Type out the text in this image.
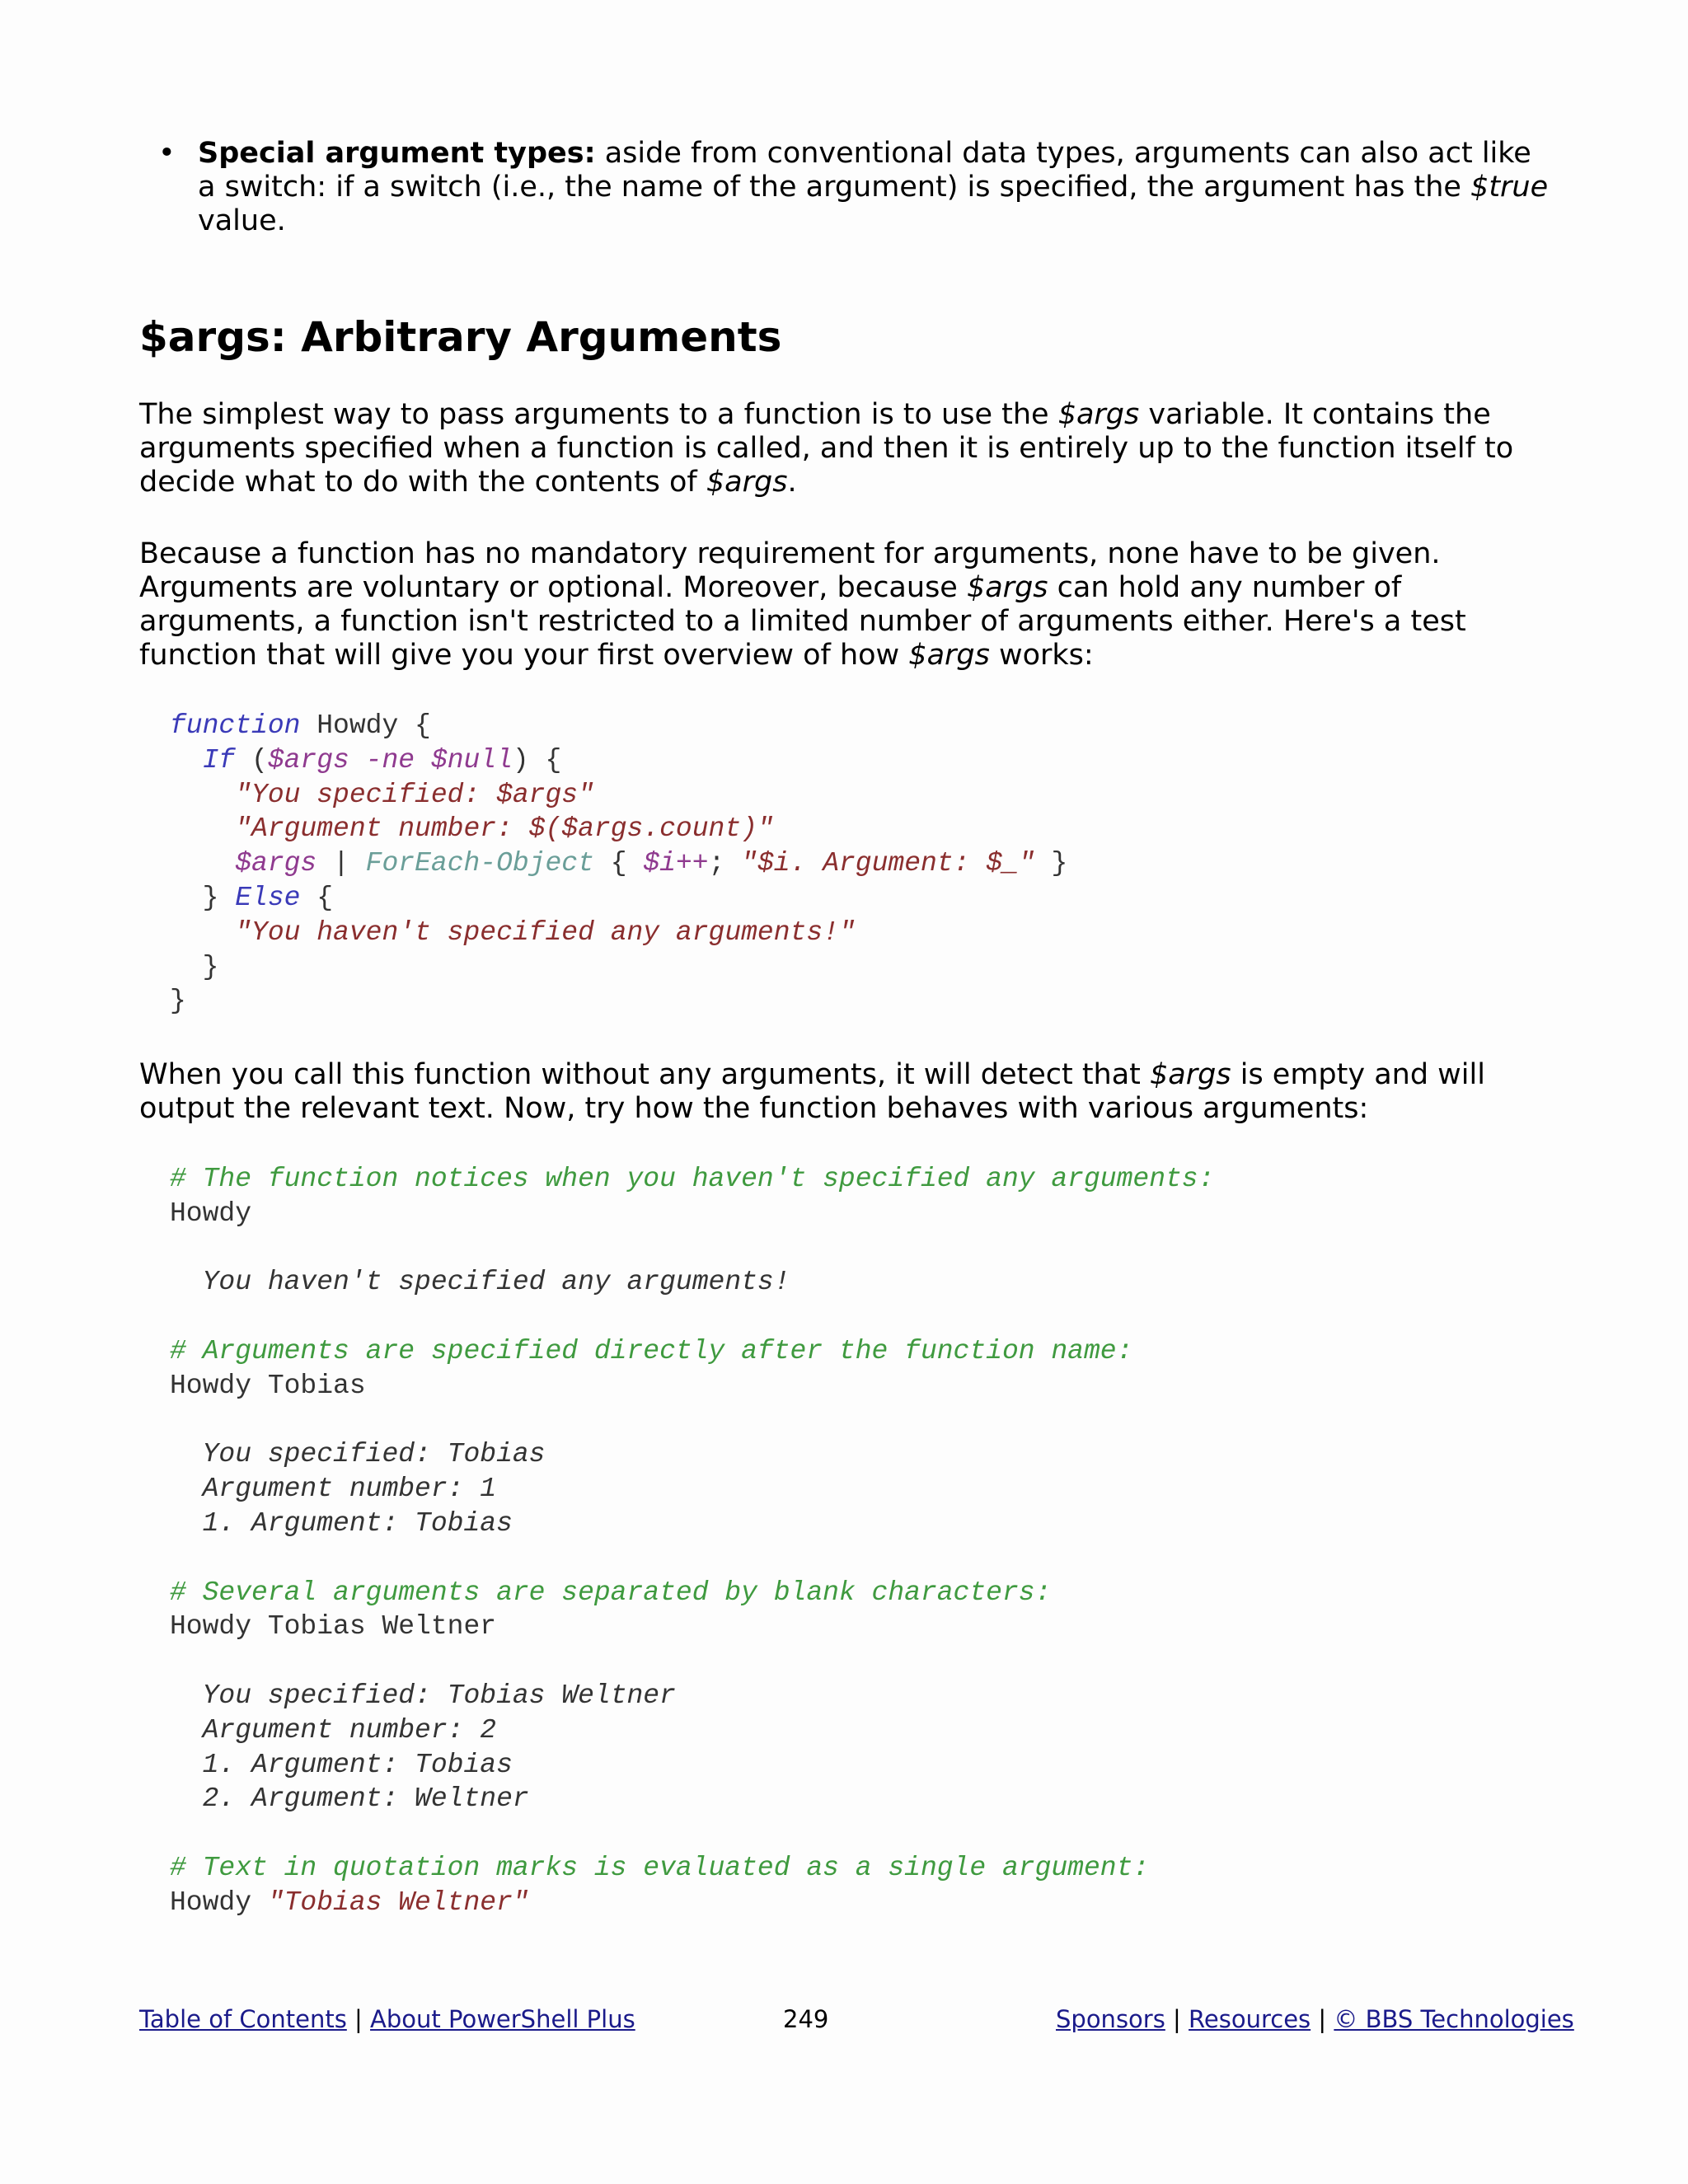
• Special argument types: aside from conventional data types, arguments can also act like a switch: if a switch (i.e., the name of the argument) is specified, the argument has the $true value.
$args: Arbitrary Arguments

The simplest way to pass arguments to a function is to use the $args variable. It contains the arguments specified when a function is called, and then it is entirely up to the function itself to decide what to do with the contents of $args.

Because a function has no mandatory requirement for arguments, none have to be given. Arguments are voluntary or optional. Moreover, because $args can hold any number of arguments, a function isn't restricted to a limited number of arguments either. Here's a test function that will give you your first overview of how $args works:

function Howdy {
If ($args -ne $null) {
"You specified: $args"
"Argument number: $($args.count)"
$args | ForEach-Object { $i++; "$i. Argument: $_" }
} Else {
"You haven't specified any arguments!"
}
}

When you call this function without any arguments, it will detect that $args is empty and will output the relevant text. Now, try how the function behaves with various arguments:

# The function notices when you haven't specified any arguments:
Howdy

You haven't specified any arguments!

# Arguments are specified directly after the function name:
Howdy Tobias

You specified: Tobias
Argument number: 1
1. Argument: Tobias

# Several arguments are separated by blank characters:
Howdy Tobias Weltner

You specified: Tobias Weltner
Argument number: 2
1. Argument: Tobias
2. Argument: Weltner

# Text in quotation marks is evaluated as a single argument:
Howdy "Tobias Weltner"
Table of Contents | About PowerShell Plus	249	Sponsors | Resources | © BBS Technologies
